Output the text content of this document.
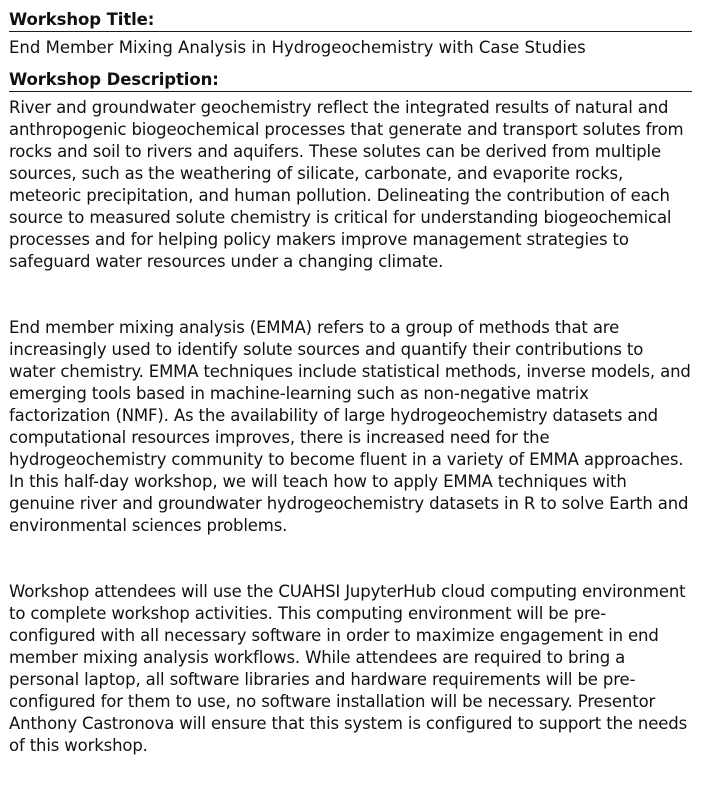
Workshop Title:
End Member Mixing Analysis in Hydrogeochemistry with Case Studies
Workshop Description:

River and groundwater geochemistry reflect the integrated results of natural and anthropogenic biogeochemical processes that generate and transport solutes from rocks and soil to rivers and aquifers. These solutes can be derived from multiple sources, such as the weathering of silicate, carbonate, and evaporite rocks, meteoric precipitation, and human pollution. Delineating the contribution of each source to measured solute chemistry is critical for understanding biogeochemical processes and for helping policy makers improve management strategies to safeguard water resources under a changing climate.

End member mixing analysis (EMMA) refers to a group of methods that are increasingly used to identify solute sources and quantify their contributions to water chemistry. EMMA techniques include statistical methods, inverse models, and emerging tools based in machine-learning such as non-negative matrix factorization (NMF). As the availability of large hydrogeochemistry datasets and computational resources improves, there is increased need for the hydrogeochemistry community to become fluent in a variety of EMMA approaches. In this half-day workshop, we will teach how to apply EMMA techniques with genuine river and groundwater hydrogeochemistry datasets in R to solve Earth and environmental sciences problems.

Workshop attendees will use the CUAHSI JupyterHub cloud computing environment to complete workshop activities. This computing environment will be pre-configured with all necessary software in order to maximize engagement in end member mixing analysis workflows. While attendees are required to bring a personal laptop, all software libraries and hardware requirements will be pre-configured for them to use, no software installation will be necessary. Presentor Anthony Castronova will ensure that this system is configured to support the needs of this workshop.
